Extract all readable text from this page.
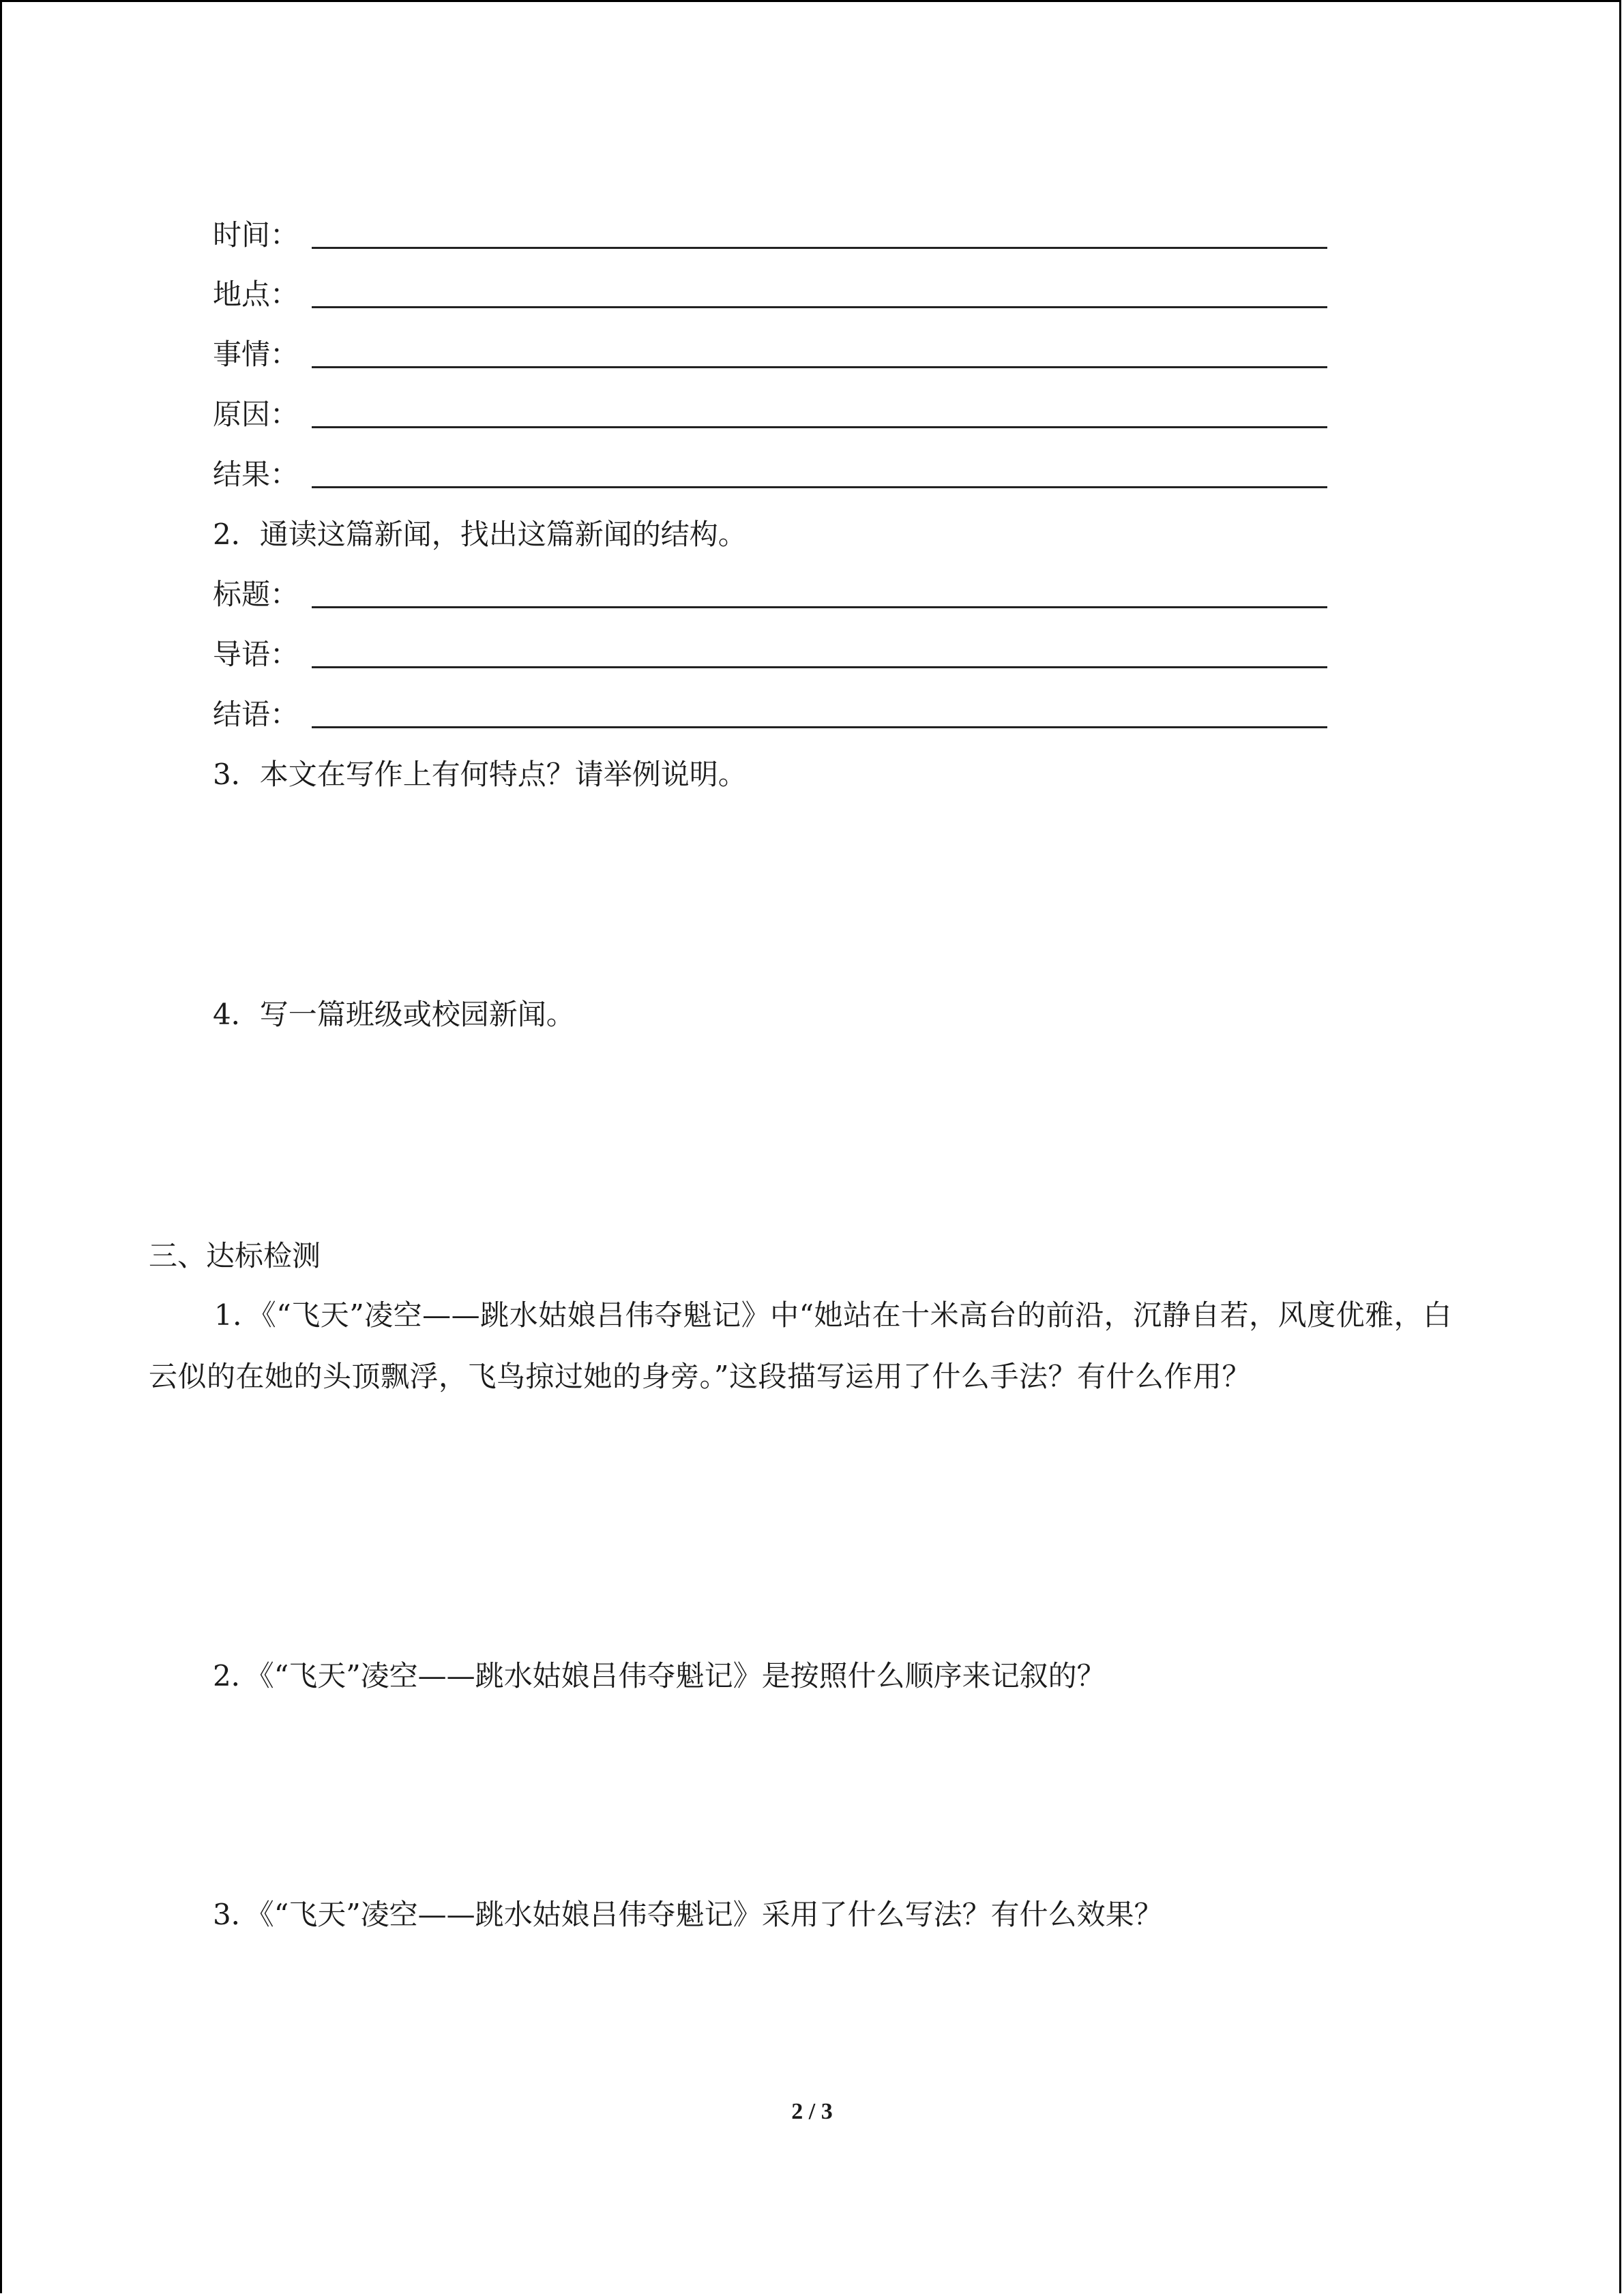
时间：
地点：
事情：
原因：
结果：
2．通读这篇新闻，找出这篇新闻的结构。
标题：
导语：
结语：
3．本文在写作上有何特点？请举例说明。
4．写一篇班级或校园新闻。
三、达标检测
1．《“飞天”凌空——跳水姑娘吕伟夺魁记》中“她站在十米高台的前沿，沉静自若，风度优雅，白云似的在她的头顶飘浮，飞鸟掠过她的身旁。”这段描写运用了什么手法？有什么作用？
2．《“飞天”凌空——跳水姑娘吕伟夺魁记》是按照什么顺序来记叙的？
3．《“飞天”凌空——跳水姑娘吕伟夺魁记》采用了什么写法？有什么效果？
2 / 3
